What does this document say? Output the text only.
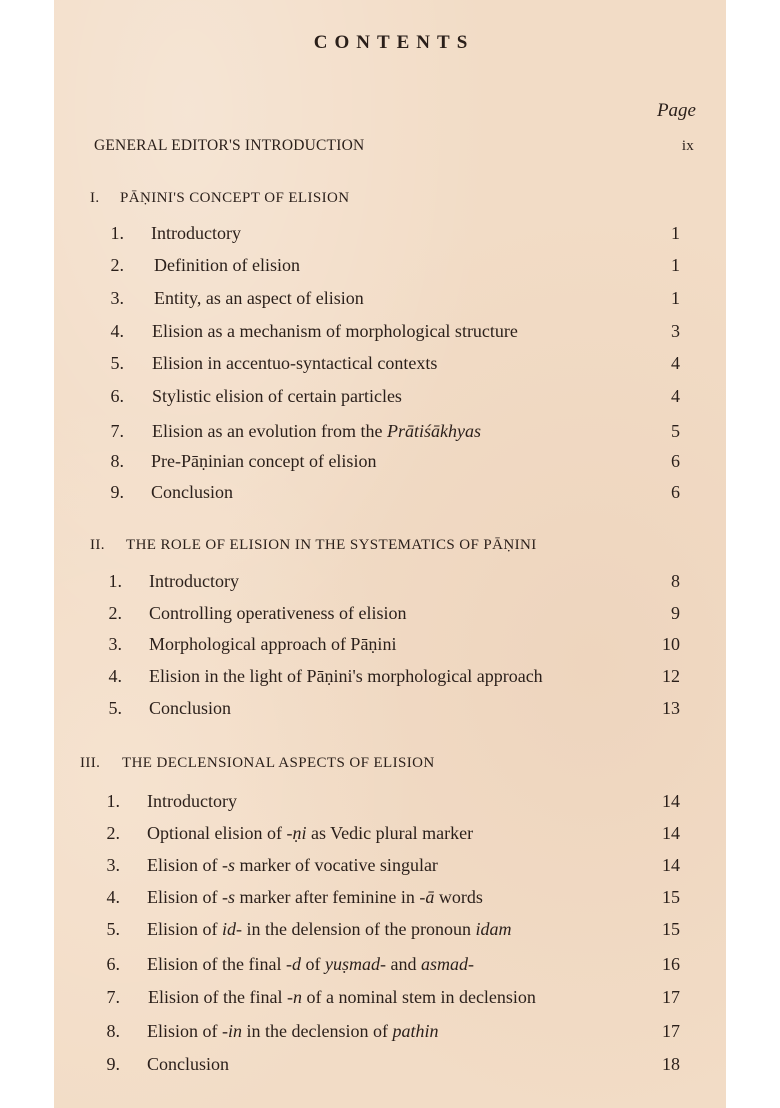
CONTENTS
Page
GENERAL EDITOR'S INTRODUCTION	ix
I. PĀṆINI'S CONCEPT OF ELISION
1. Introductory	1
2. Definition of elision	1
3. Entity, as an aspect of elision	1
4. Elision as a mechanism of morphological structure	3
5. Elision in accentuo-syntactical contexts	4
6. Stylistic elision of certain particles	4
7. Elision as an evolution from the Prātiśākhyas	5
8. Pre-Pāṇinian concept of elision	6
9. Conclusion	6
II. THE ROLE OF ELISION IN THE SYSTEMATICS OF PĀṆINI
1. Introductory	8
2. Controlling operativeness of elision	9
3. Morphological approach of Pāṇini	10
4. Elision in the light of Pāṇini's morphological approach	12
5. Conclusion	13
III. THE DECLENSIONAL ASPECTS OF ELISION
1. Introductory	14
2. Optional elision of -ṇi as Vedic plural marker	14
3. Elision of -s marker of vocative singular	14
4. Elision of -s marker after feminine in -ā words	15
5. Elision of id- in the delension of the pronoun idam	15
6. Elision of the final -d of yuṣmad- and asmad-	16
7. Elision of the final -n of a nominal stem in declension	17
8. Elision of -in in the declension of pathin	17
9. Conclusion	18
